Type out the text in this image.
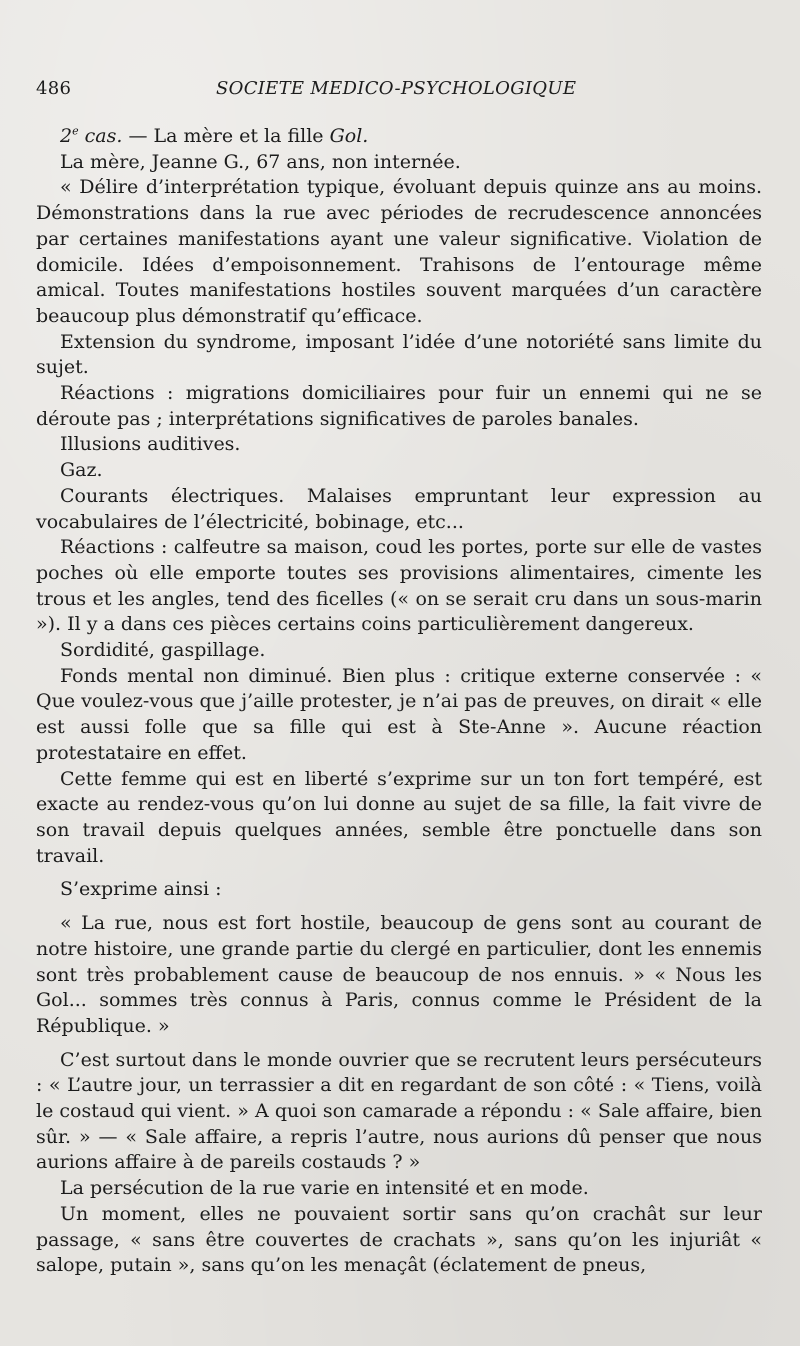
486	SOCIETE MEDICO-PSYCHOLOGIQUE

2e cas. — La mère et la fille Gol.

La mère, Jeanne G., 67 ans, non internée.

« Délire d’interprétation typique, évoluant depuis quinze ans au moins. Démonstrations dans la rue avec périodes de recrudescence annoncées par certaines manifestations ayant une valeur significative. Violation de domicile. Idées d’empoisonnement. Trahisons de l’entourage même amical. Toutes manifestations hostiles souvent marquées d’un caractère beaucoup plus démonstratif qu’efficace.

Extension du syndrome, imposant l’idée d’une notoriété sans limite du sujet.

Réactions : migrations domiciliaires pour fuir un ennemi qui ne se déroute pas ; interprétations significatives de paroles banales.

Illusions auditives.

Gaz.

Courants électriques. Malaises empruntant leur expression au vocabulaires de l’électricité, bobinage, etc...

Réactions : calfeutre sa maison, coud les portes, porte sur elle de vastes poches où elle emporte toutes ses provisions alimentaires, cimente les trous et les angles, tend des ficelles (« on se serait cru dans un sous-marin »). Il y a dans ces pièces certains coins particulièrement dangereux.

Sordidité, gaspillage.

Fonds mental non diminué. Bien plus : critique externe conservée : « Que voulez-vous que j’aille protester, je n’ai pas de preuves, on dirait « elle est aussi folle que sa fille qui est à Ste-Anne ». Aucune réaction protestataire en effet.

Cette femme qui est en liberté s’exprime sur un ton fort tempéré, est exacte au rendez-vous qu’on lui donne au sujet de sa fille, la fait vivre de son travail depuis quelques années, semble être ponctuelle dans son travail.

S’exprime ainsi :

« La rue, nous est fort hostile, beaucoup de gens sont au courant de notre histoire, une grande partie du clergé en particulier, dont les ennemis sont très probablement cause de beaucoup de nos ennuis. » « Nous les Gol... sommes très connus à Paris, connus comme le Président de la République. »

C’est surtout dans le monde ouvrier que se recrutent leurs persécuteurs : « L’autre jour, un terrassier a dit en regardant de son côté : « Tiens, voilà le costaud qui vient. » A quoi son camarade a répondu : « Sale affaire, bien sûr. » — « Sale affaire, a repris l’autre, nous aurions dû penser que nous aurions affaire à de pareils costauds ? »

La persécution de la rue varie en intensité et en mode.

Un moment, elles ne pouvaient sortir sans qu’on crachât sur leur passage, « sans être couvertes de crachats », sans qu’on les injuriât « salope, putain », sans qu’on les menaçât (éclatement de pneus,
